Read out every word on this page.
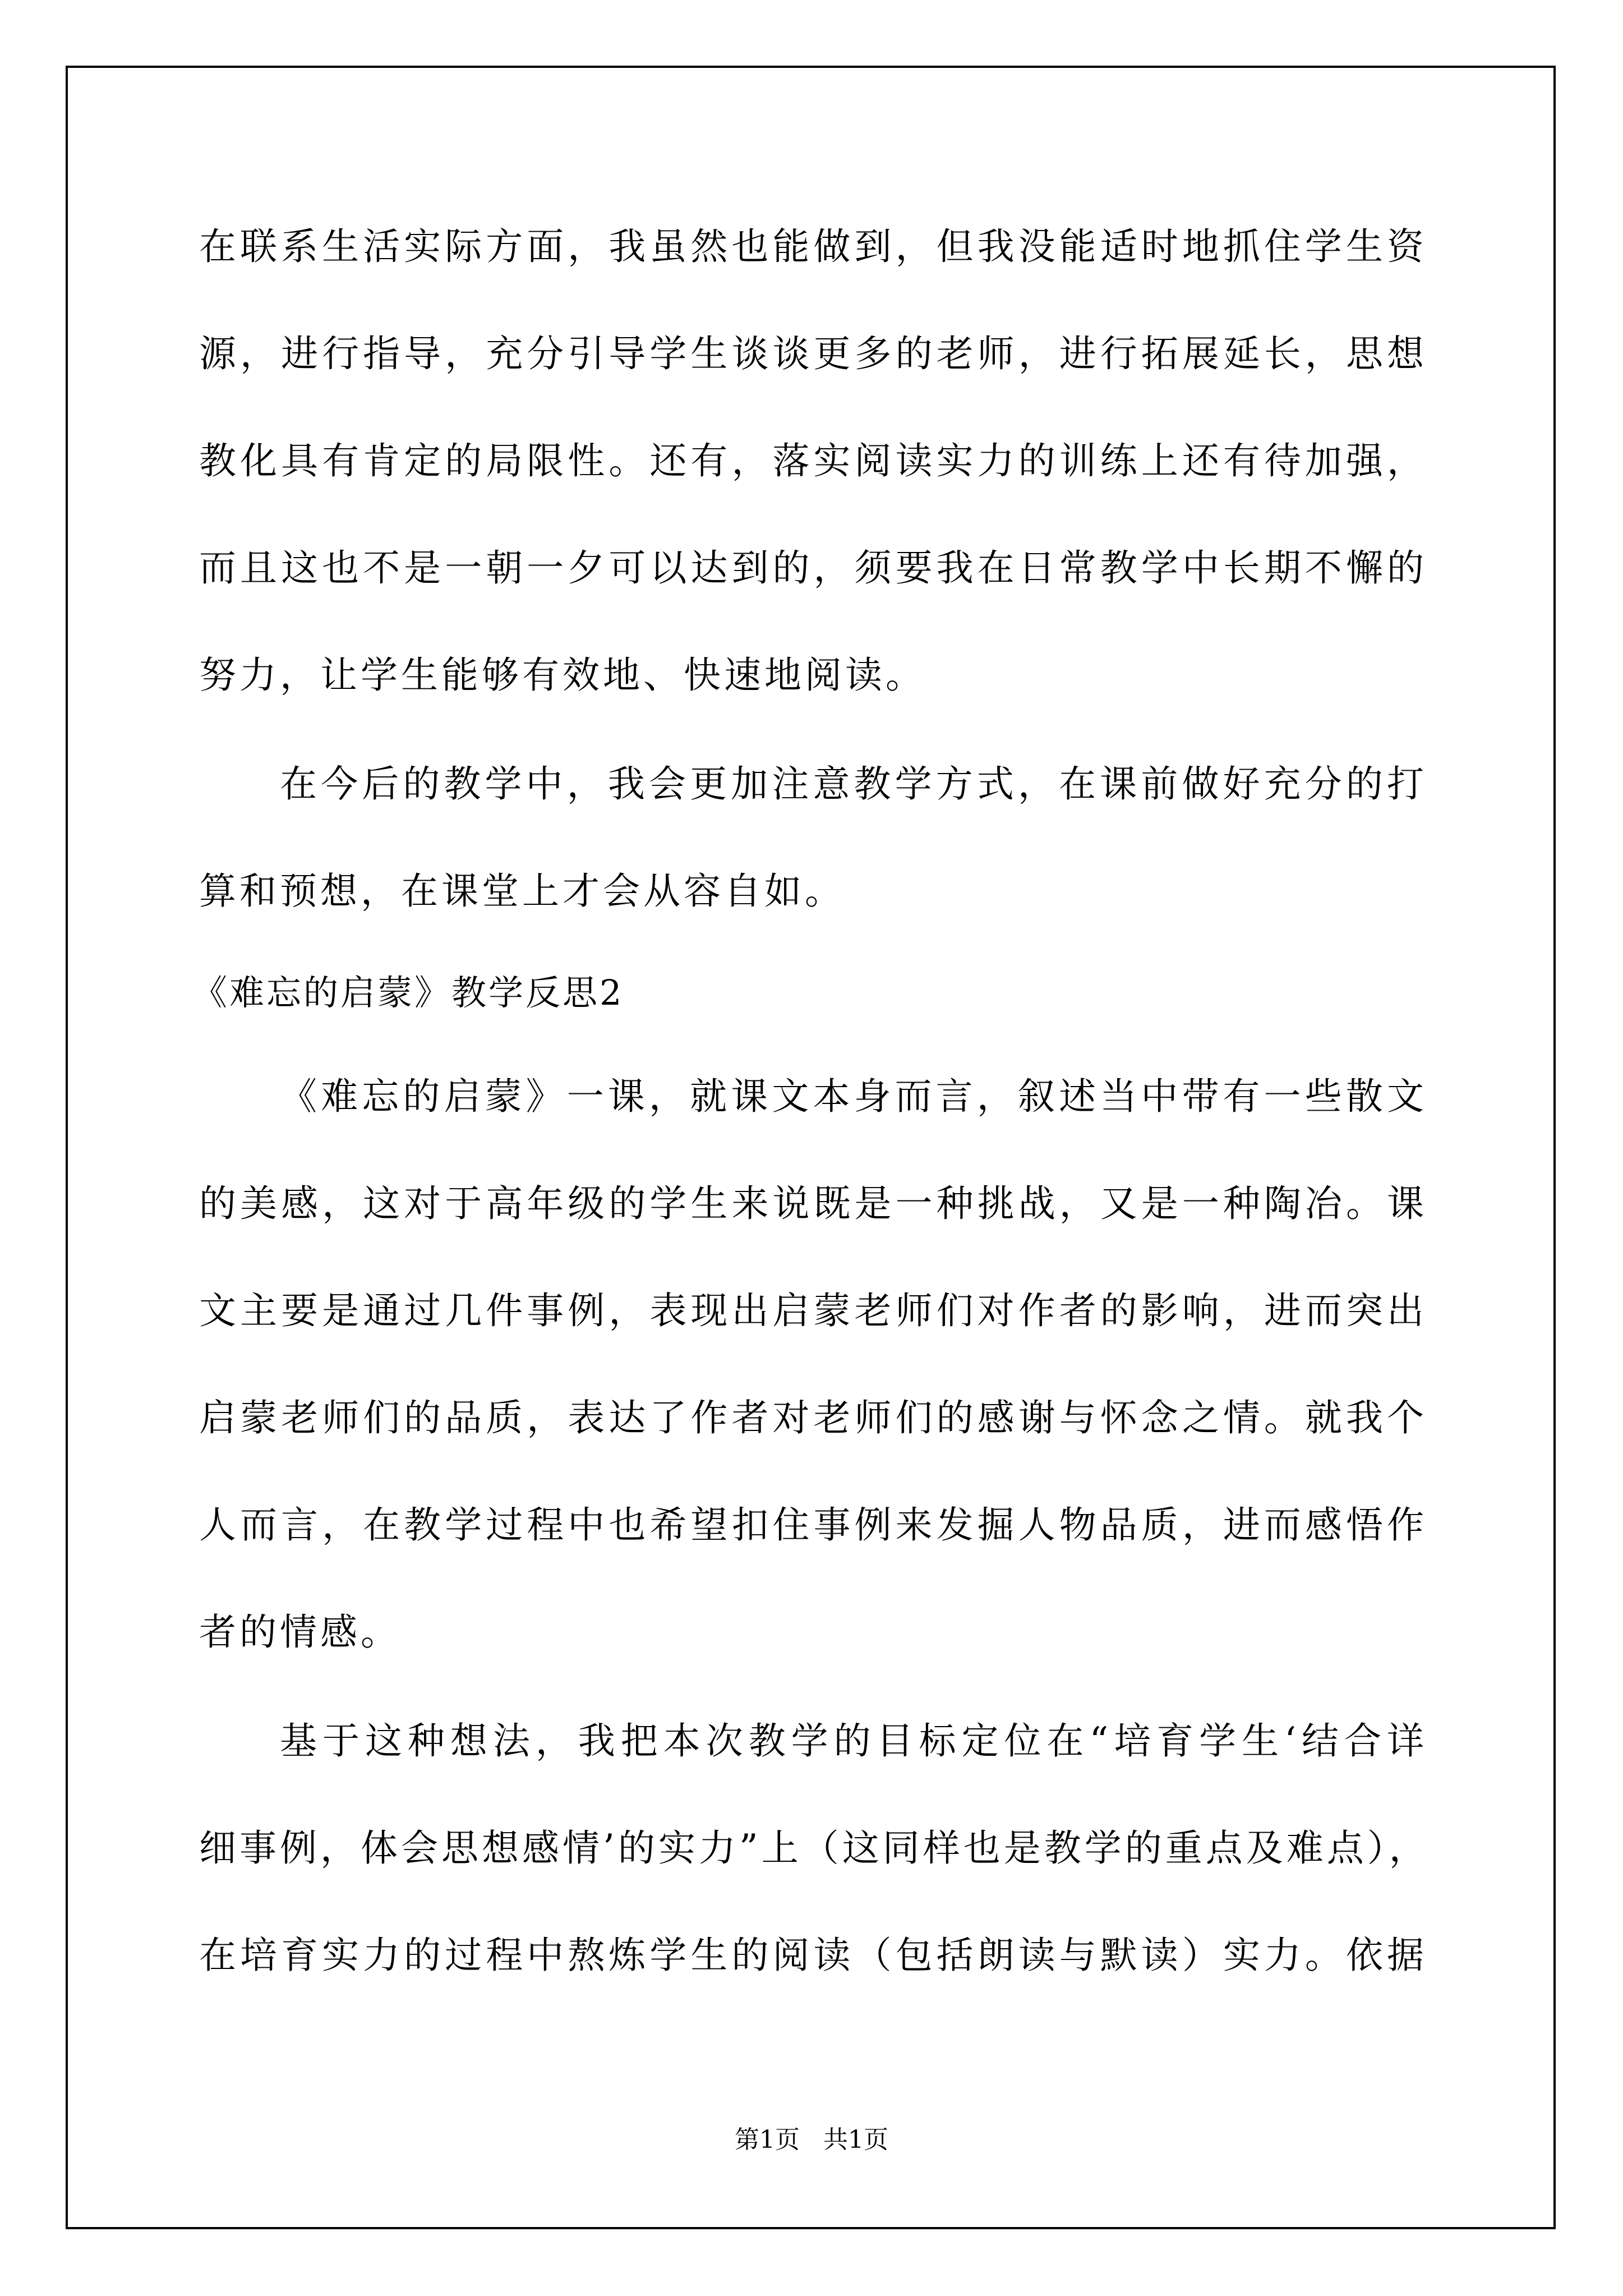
在联系生活实际方面，我虽然也能做到，但我没能适时地抓住学生资
源，进行指导，充分引导学生谈谈更多的老师，进行拓展延长，思想
教化具有肯定的局限性。还有，落实阅读实力的训练上还有待加强，
而且这也不是一朝一夕可以达到的，须要我在日常教学中长期不懈的
努力，让学生能够有效地、快速地阅读。
在今后的教学中，我会更加注意教学方式，在课前做好充分的打
算和预想，在课堂上才会从容自如。
《难忘的启蒙》教学反思2
《难忘的启蒙》一课，就课文本身而言，叙述当中带有一些散文
的美感，这对于高年级的学生来说既是一种挑战，又是一种陶冶。课
文主要是通过几件事例，表现出启蒙老师们对作者的影响，进而突出
启蒙老师们的品质，表达了作者对老师们的感谢与怀念之情。就我个
人而言，在教学过程中也希望扣住事例来发掘人物品质，进而感悟作
者的情感。
基于这种想法，我把本次教学的目标定位在“培育学生‘结合详
细事例，体会思想感情’的实力”上（这同样也是教学的重点及难点），
在培育实力的过程中熬炼学生的阅读（包括朗读与默读）实力。依据
第1页   共1页
